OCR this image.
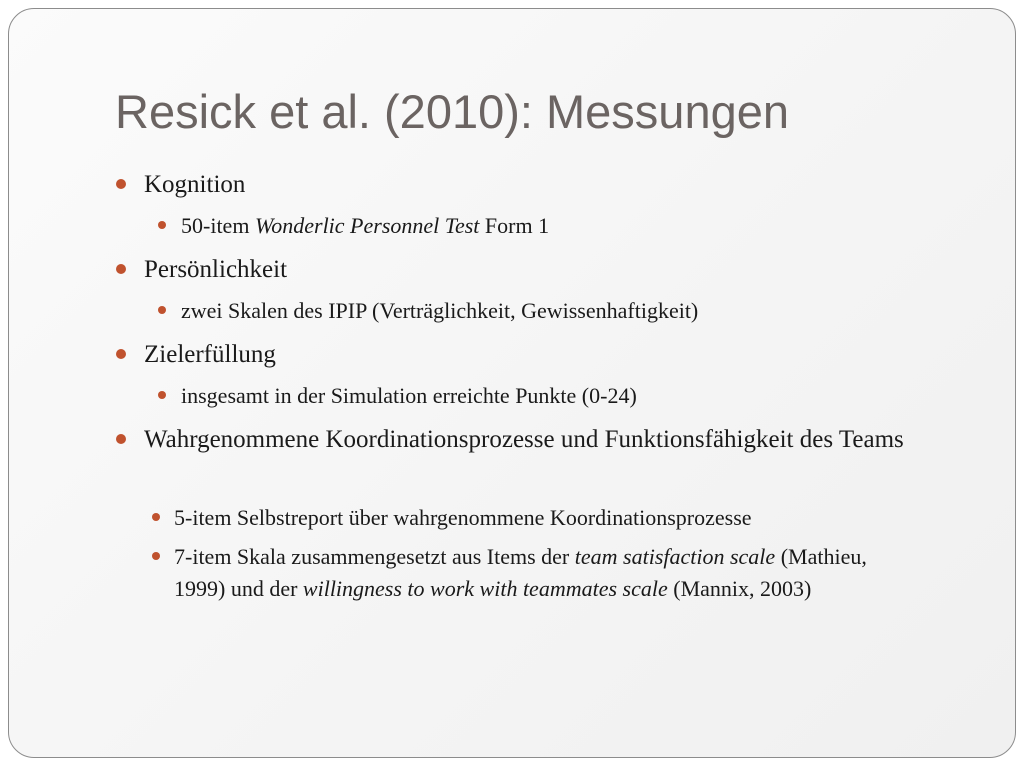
Resick et al. (2010): Messungen
Kognition
50-item Wonderlic Personnel Test Form 1
Persönlichkeit
zwei Skalen des IPIP (Verträglichkeit, Gewissenhaftigkeit)
Zielerfüllung
insgesamt in der Simulation erreichte Punkte (0-24)
Wahrgenommene Koordinationsprozesse und Funktionsfähigkeit des Teams
5-item Selbstreport über wahrgenommene Koordinationsprozesse
7-item Skala zusammengesetzt aus Items der team satisfaction scale (Mathieu, 1999) und der willingness to work with teammates scale (Mannix, 2003)
